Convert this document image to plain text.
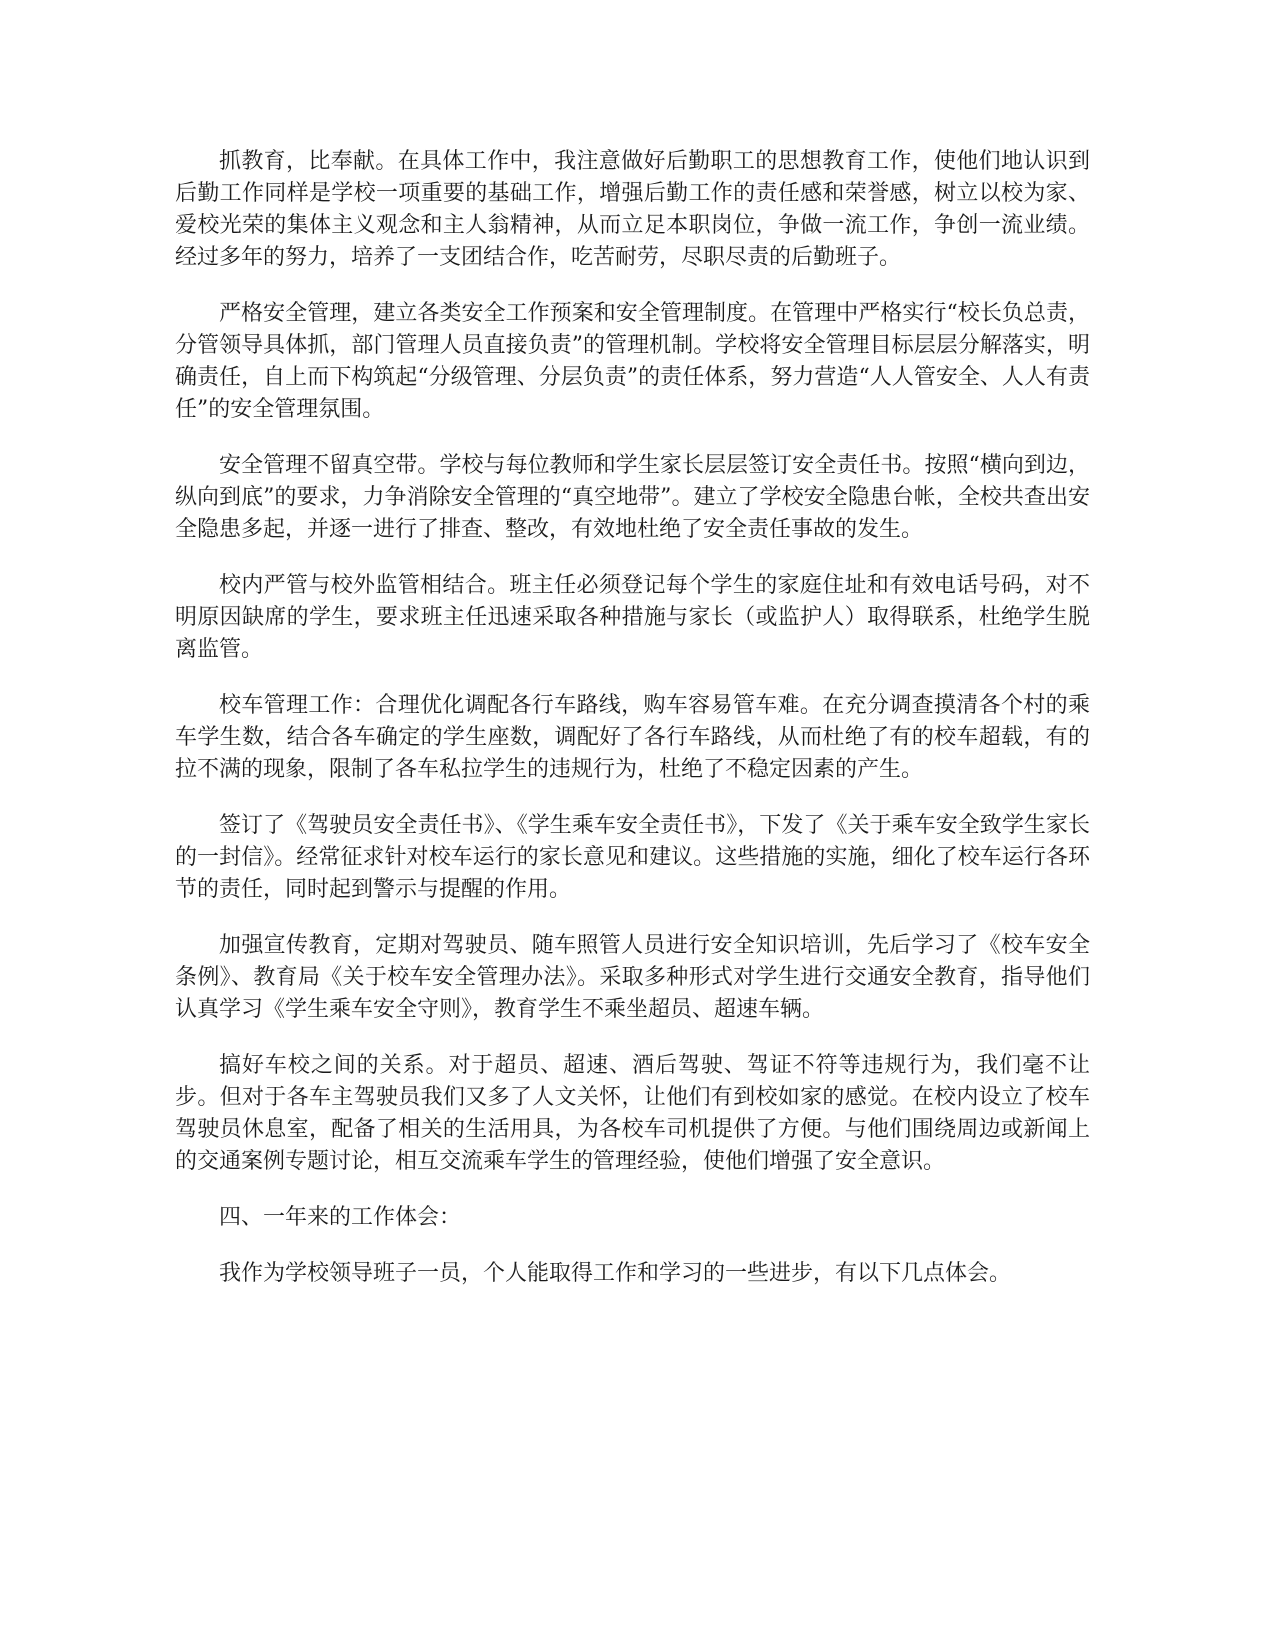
抓教育，比奉献。在具体工作中，我注意做好后勤职工的思想教育工作，使他们地认识到后勤工作同样是学校一项重要的基础工作，增强后勤工作的责任感和荣誉感，树立以校为家、爱校光荣的集体主义观念和主人翁精神，从而立足本职岗位，争做一流工作，争创一流业绩。经过多年的努力，培养了一支团结合作，吃苦耐劳，尽职尽责的后勤班子。

严格安全管理，建立各类安全工作预案和安全管理制度。在管理中严格实行“校长负总责，分管领导具体抓，部门管理人员直接负责”的管理机制。学校将安全管理目标层层分解落实，明确责任，自上而下构筑起“分级管理、分层负责”的责任体系，努力营造“人人管安全、人人有责任”的安全管理氛围。

安全管理不留真空带。学校与每位教师和学生家长层层签订安全责任书。按照“横向到边，纵向到底”的要求，力争消除安全管理的“真空地带”。建立了学校安全隐患台帐，全校共查出安全隐患多起，并逐一进行了排查、整改，有效地杜绝了安全责任事故的发生。

校内严管与校外监管相结合。班主任必须登记每个学生的家庭住址和有效电话号码，对不明原因缺席的学生，要求班主任迅速采取各种措施与家长（或监护人）取得联系，杜绝学生脱离监管。

校车管理工作：合理优化调配各行车路线，购车容易管车难。在充分调查摸清各个村的乘车学生数，结合各车确定的学生座数，调配好了各行车路线，从而杜绝了有的校车超载，有的拉不满的现象，限制了各车私拉学生的违规行为，杜绝了不稳定因素的产生。

签订了《驾驶员安全责任书》、《学生乘车安全责任书》，下发了《关于乘车安全致学生家长的一封信》。经常征求针对校车运行的家长意见和建议。这些措施的实施，细化了校车运行各环节的责任，同时起到警示与提醒的作用。

加强宣传教育，定期对驾驶员、随车照管人员进行安全知识培训，先后学习了《校车安全条例》、教育局《关于校车安全管理办法》。采取多种形式对学生进行交通安全教育，指导他们认真学习《学生乘车安全守则》，教育学生不乘坐超员、超速车辆。

搞好车校之间的关系。对于超员、超速、酒后驾驶、驾证不符等违规行为，我们毫不让步。但对于各车主驾驶员我们又多了人文关怀，让他们有到校如家的感觉。在校内设立了校车驾驶员休息室，配备了相关的生活用具，为各校车司机提供了方便。与他们围绕周边或新闻上的交通案例专题讨论，相互交流乘车学生的管理经验，使他们增强了安全意识。

四、一年来的工作体会：

我作为学校领导班子一员，个人能取得工作和学习的一些进步，有以下几点体会。
